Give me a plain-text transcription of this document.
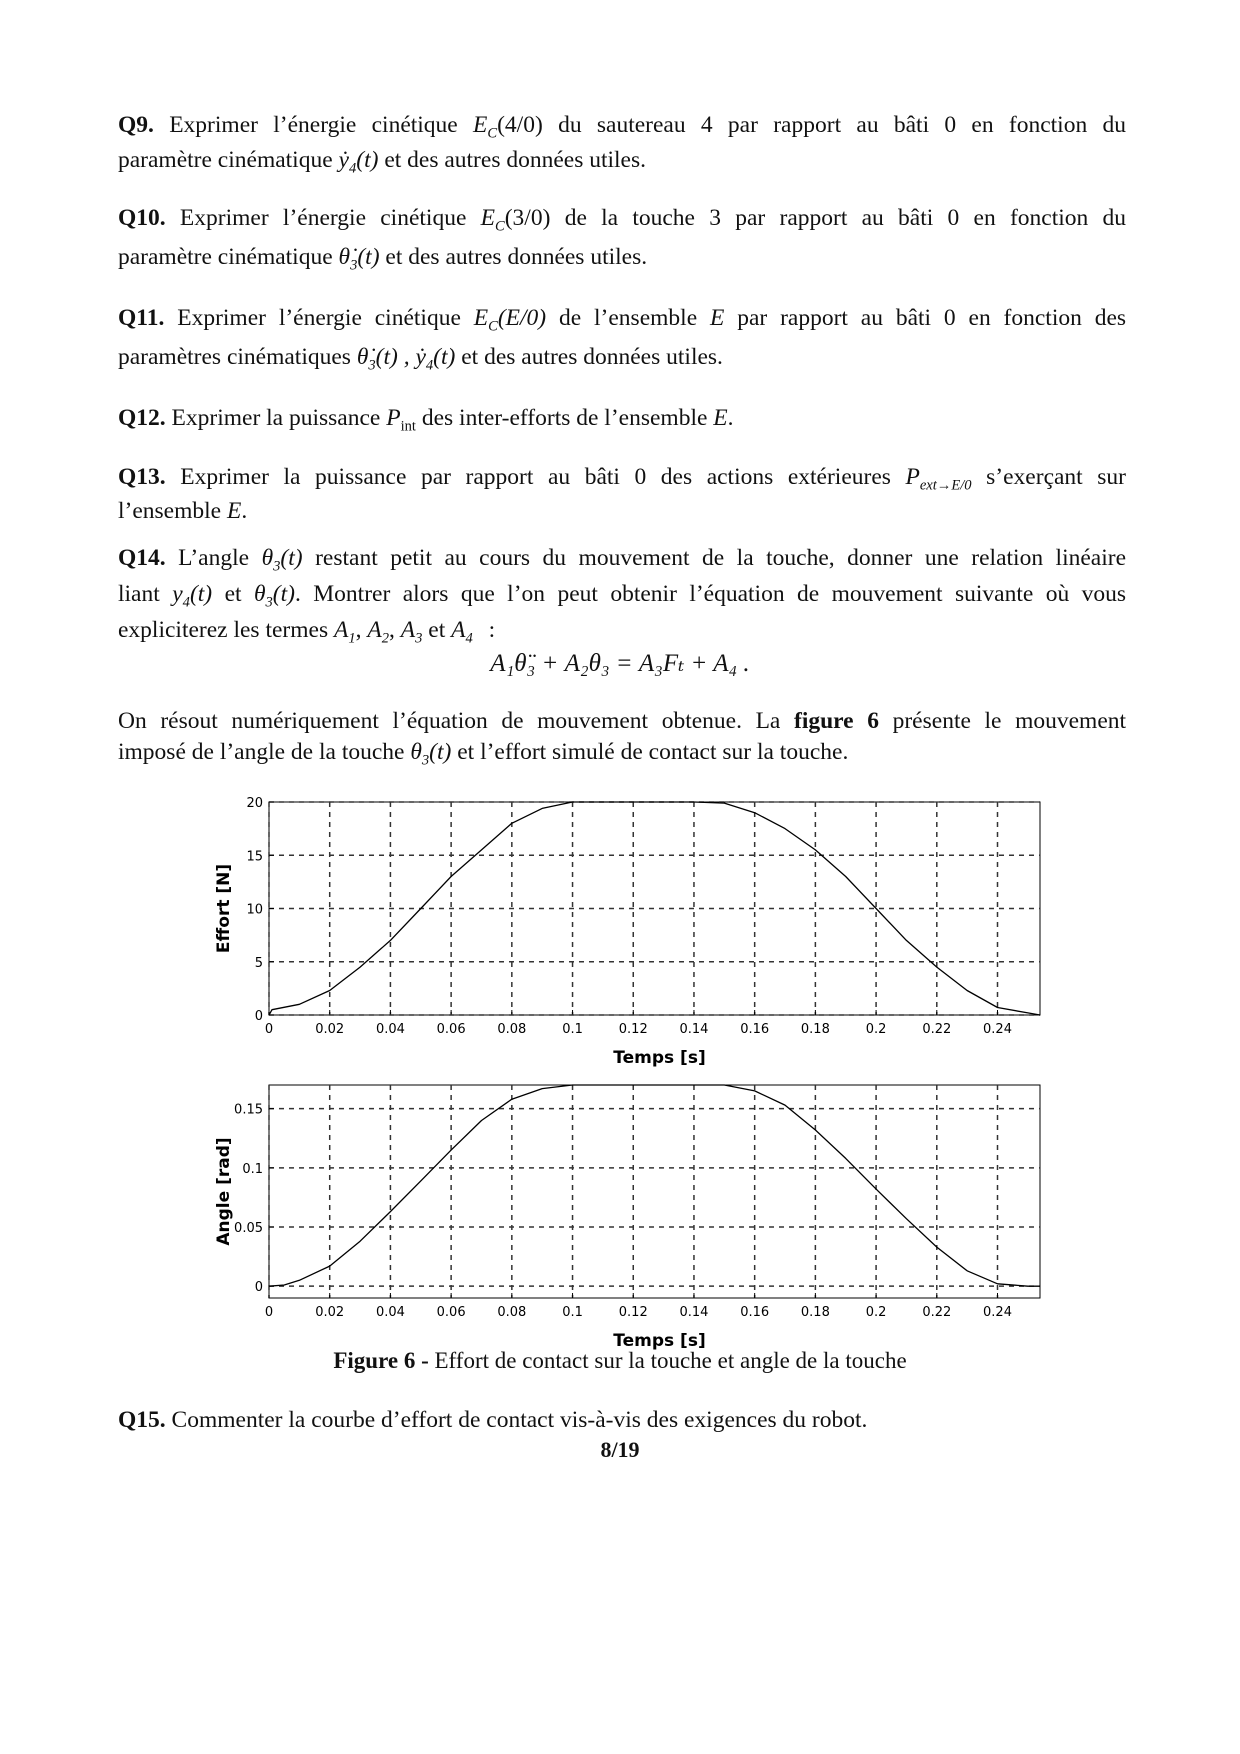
Q9. Exprimer l’énergie cinétique $E_C(4/0)$ du sautereau 4 par rapport au bâti 0 en fonction du
paramètre cinématique ẏ$_4$(t) et des autres données utiles.
Q10. Exprimer l’énergie cinétique $E_C(3/0)$ de la touche 3 par rapport au bâti 0 en fonction du
paramètre cinématique $\thetȧ_3(t)$ et des autres données utiles.
Q11. Exprimer l’énergie cinétique $E_C(E/0)$ de l’ensemble E par rapport au bâti 0 en fonction des
paramètres cinématiques $\thetȧ_3(t)$ , ẏ$_4$(t) et des autres données utiles.
Q12. Exprimer la puissance $P_{int}$ des inter-efforts de l’ensemble E.
Q13. Exprimer la puissance par rapport au bâti 0 des actions extérieures $P_{ext\to E/0}$ s’exerçant sur
l’ensemble E.
Q14. L’angle $\theta_3(t)$ restant petit au cours du mouvement de la touche, donner une relation linéaire
liant $y_4(t)$ et $\theta_3(t)$. Montrer alors que l’on peut obtenir l’équation de mouvement suivante où vous
expliciterez les termes $A_1$, $A_2$, $A_3$ et $A_4$ :
A₁θ̈₃ + A₂θ₃ = A₃Fₜ + A₄ .
On résout numériquement l’équation de mouvement obtenue. La figure 6 présente le mouvement
imposé de l’angle de la touche $\theta_3(t)$ et l’effort simulé de contact sur la touche.
0	0.02 0.04 0.06 0.08	0.1	0.12 0.14 0.16 0.18	0.2	0.22 0.24
0
5
10
15
20
Temps [s]
Effort [N]
0	0.02 0.04 0.06 0.08	0.1	0.12 0.14 0.16 0.18	0.2	0.22 0.24
0
0.05
0.1
0.15
Temps [s]
Angle [rad]
Figure 6 - Effort de contact sur la touche et angle de la touche
Q15. Commenter la courbe d’effort de contact vis-à-vis des exigences du robot.
8/19
